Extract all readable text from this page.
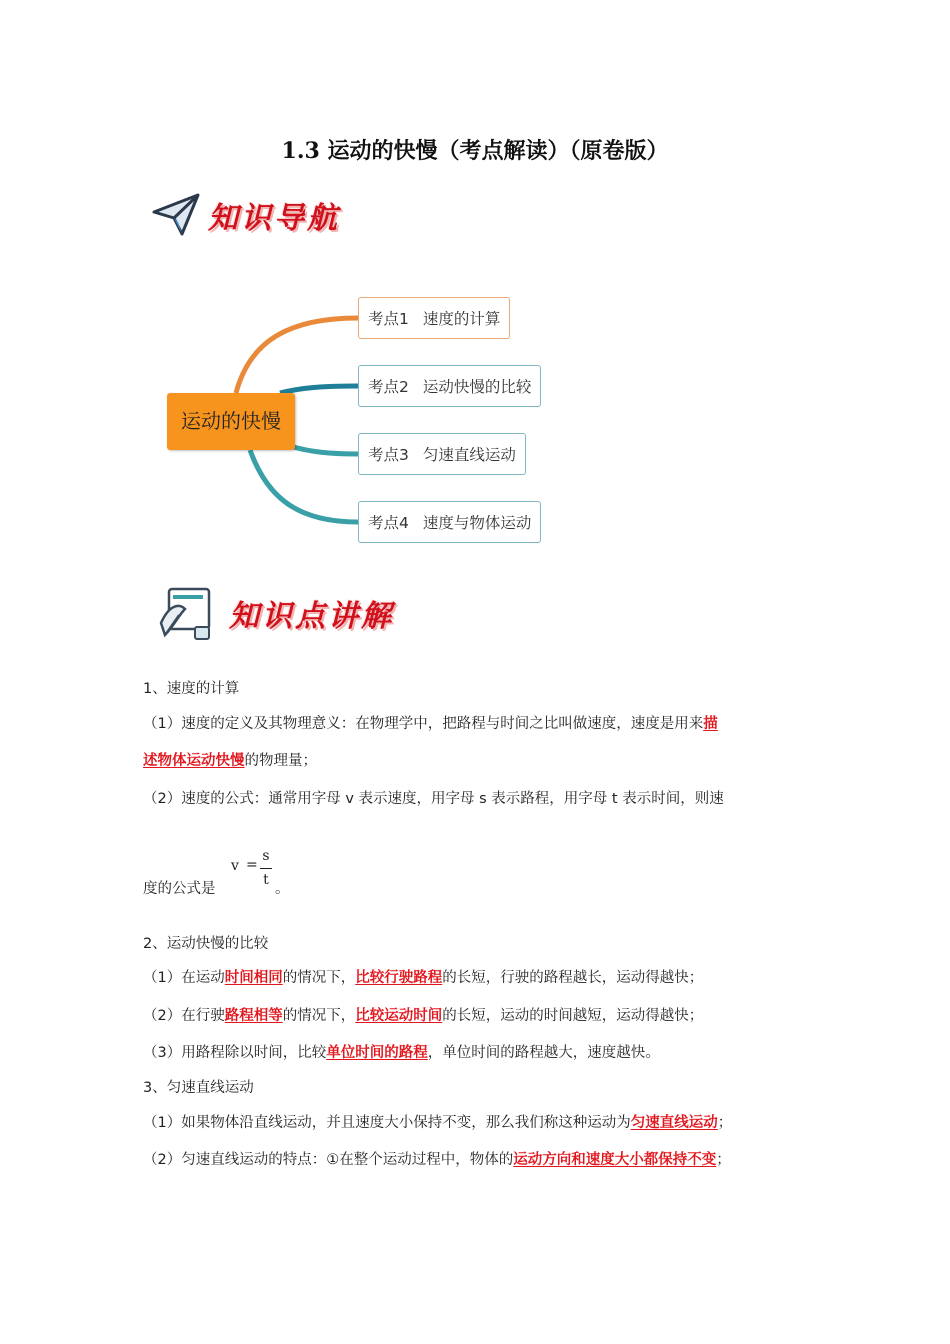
1.3 运动的快慢（考点解读）（原卷版）
知识导航
运动的快慢
考点1 速度的计算
考点2 运动快慢的比较
考点3 匀速直线运动
考点4 速度与物体运动
知识点讲解
1、速度的计算
（1）速度的定义及其物理意义：在物理学中，把路程与时间之比叫做速度，速度是用来描
述物体运动快慢的物理量；
（2）速度的公式：通常用字母 v 表示速度，用字母 s 表示路程，用字母 t 表示时间，则速
度的公式是
v =
s
t
。
2、运动快慢的比较
（1）在运动时间相同的情况下，比较行驶路程的长短，行驶的路程越长，运动得越快；
（2）在行驶路程相等的情况下，比较运动时间的长短，运动的时间越短，运动得越快；
（3）用路程除以时间，比较单位时间的路程，单位时间的路程越大，速度越快。
3、匀速直线运动
（1）如果物体沿直线运动，并且速度大小保持不变，那么我们称这种运动为匀速直线运动；
（2）匀速直线运动的特点：①在整个运动过程中，物体的运动方向和速度大小都保持不变；
